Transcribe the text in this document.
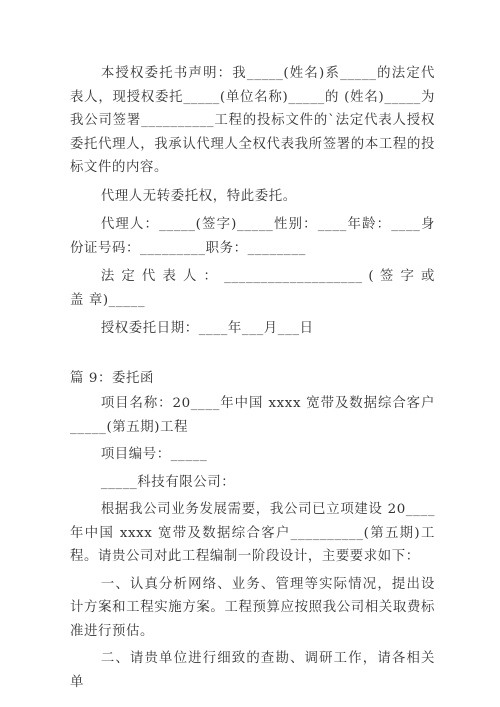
本授权委托书声明：我_____(姓名)系_____的法定代表人，现授权委托_____(单位名称)_____的 (姓名)_____为我公司签署__________工程的投标文件的`法定代表人授权委托代理人，我承认代理人全权代表我所签署的本工程的投标文件的内容。

代理人无转委托权，特此委托。

代理人：_____(签字)_____性别：____年龄：____身份证号码：_________职务：________

法 定 代 表 人 ： ___________________ ( 签 字 或 盖 章)_____

授权委托日期：____年___月___日

篇 9：委托函

项目名称：20____年中国 xxxx 宽带及数据综合客户_____(第五期)工程

项目编号：_____

_____科技有限公司：

根据我公司业务发展需要，我公司已立项建设 20____年中国 xxxx 宽带及数据综合客户__________(第五期)工程。请贵公司对此工程编制一阶段设计，主要要求如下：

一、认真分析网络、业务、管理等实际情况，提出设计方案和工程实施方案。工程预算应按照我公司相关取费标准进行预估。

二、请贵单位进行细致的查勘、调研工作，请各相关单
